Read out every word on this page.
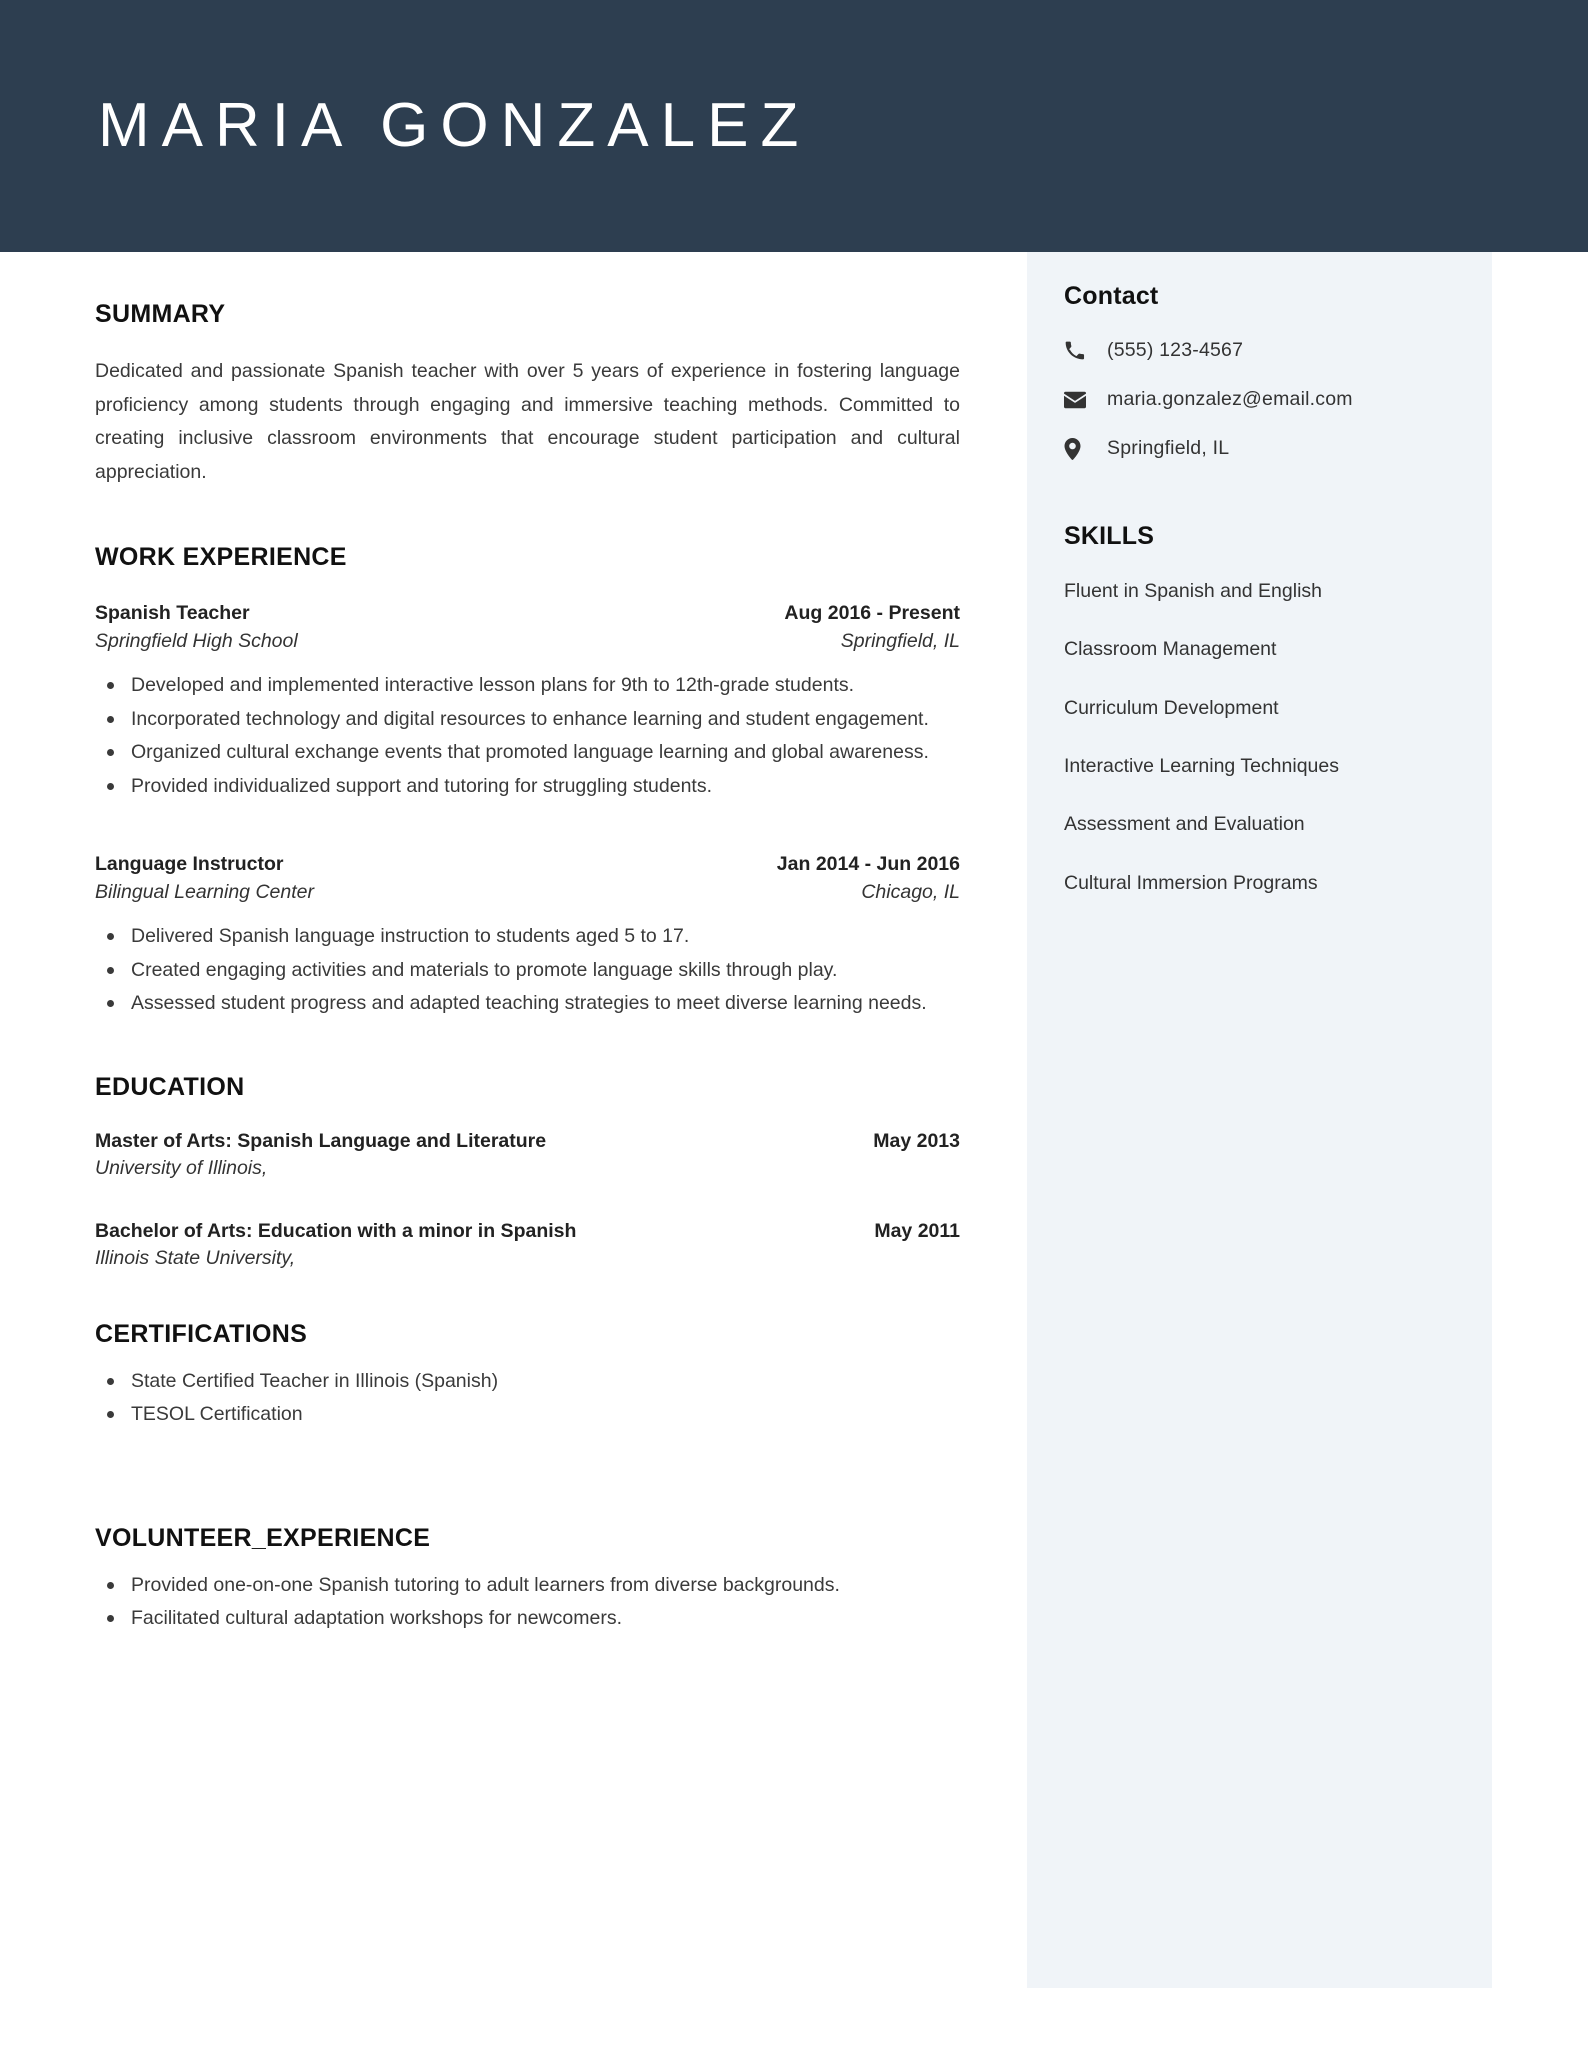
MARIA GONZALEZ
SUMMARY

Dedicated and passionate Spanish teacher with over 5 years of experience in fostering language proficiency among students through engaging and immersive teaching methods. Committed to creating inclusive classroom environments that encourage student participation and cultural appreciation.

WORK EXPERIENCE
Spanish Teacher	Aug 2016 - Present
Springfield High School	Springfield, IL
Developed and implemented interactive lesson plans for 9th to 12th-grade students.
Incorporated technology and digital resources to enhance learning and student engagement.
Organized cultural exchange events that promoted language learning and global awareness.
Provided individualized support and tutoring for struggling students.
Language Instructor	Jan 2014 - Jun 2016
Bilingual Learning Center	Chicago, IL
Delivered Spanish language instruction to students aged 5 to 17.
Created engaging activities and materials to promote language skills through play.
Assessed student progress and adapted teaching strategies to meet diverse learning needs.
EDUCATION
Master of Arts: Spanish Language and Literature	May 2013
University of Illinois,
Bachelor of Arts: Education with a minor in Spanish	May 2011
Illinois State University,
CERTIFICATIONS
State Certified Teacher in Illinois (Spanish)
TESOL Certification
VOLUNTEER_EXPERIENCE
Provided one-on-one Spanish tutoring to adult learners from diverse backgrounds.
Facilitated cultural adaptation workshops for newcomers.
Contact
(555) 123-4567
maria.gonzalez@email.com
Springfield, IL
SKILLS
Fluent in Spanish and English
Classroom Management
Curriculum Development
Interactive Learning Techniques
Assessment and Evaluation
Cultural Immersion Programs
